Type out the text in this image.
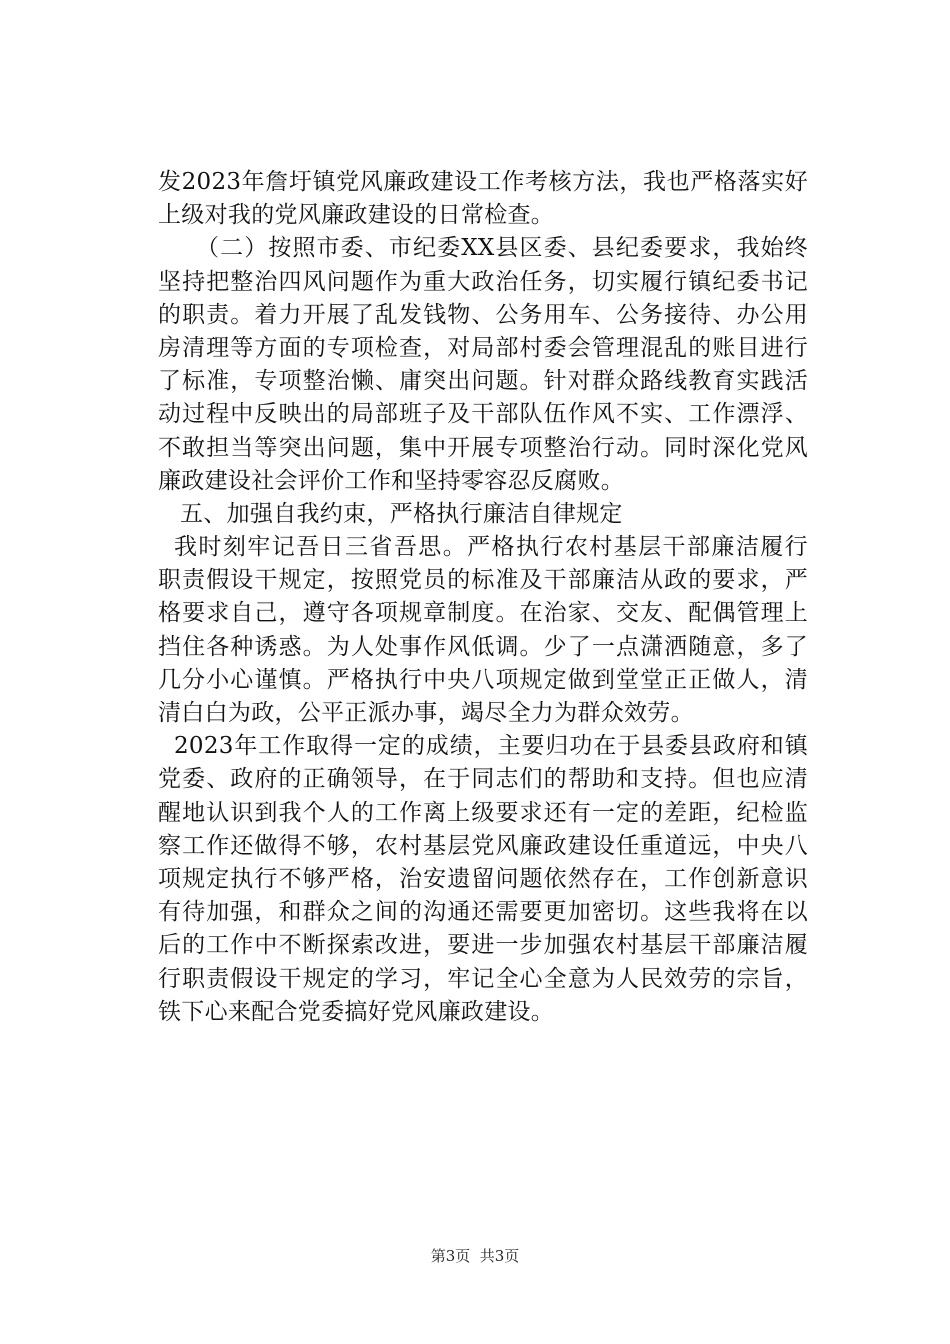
发2023年詹圩镇党风廉政建设工作考核方法，我也严格落实好
上级对我的党风廉政建设的日常检查。
（二）按照市委、市纪委XX县区委、县纪委要求，我始终
坚持把整治四风问题作为重大政治任务，切实履行镇纪委书记
的职责。着力开展了乱发钱物、公务用车、公务接待、办公用
房清理等方面的专项检查，对局部村委会管理混乱的账目进行
了标准，专项整治懒、庸突出问题。针对群众路线教育实践活
动过程中反映出的局部班子及干部队伍作风不实、工作漂浮、
不敢担当等突出问题，集中开展专项整治行动。同时深化党风
廉政建设社会评价工作和坚持零容忍反腐败。
五、加强自我约束，严格执行廉洁自律规定
我时刻牢记吾日三省吾思。严格执行农村基层干部廉洁履行
职责假设干规定，按照党员的标准及干部廉洁从政的要求，严
格要求自己，遵守各项规章制度。在治家、交友、配偶管理上
挡住各种诱惑。为人处事作风低调。少了一点潇洒随意，多了
几分小心谨慎。严格执行中央八项规定做到堂堂正正做人，清
清白白为政，公平正派办事，竭尽全力为群众效劳。
2023年工作取得一定的成绩，主要归功在于县委县政府和镇
党委、政府的正确领导，在于同志们的帮助和支持。但也应清
醒地认识到我个人的工作离上级要求还有一定的差距，纪检监
察工作还做得不够，农村基层党风廉政建设任重道远，中央八
项规定执行不够严格，治安遗留问题依然存在，工作创新意识
有待加强，和群众之间的沟通还需要更加密切。这些我将在以
后的工作中不断探索改进，要进一步加强农村基层干部廉洁履
行职责假设干规定的学习，牢记全心全意为人民效劳的宗旨，
铁下心来配合党委搞好党风廉政建设。
第3页  共3页
